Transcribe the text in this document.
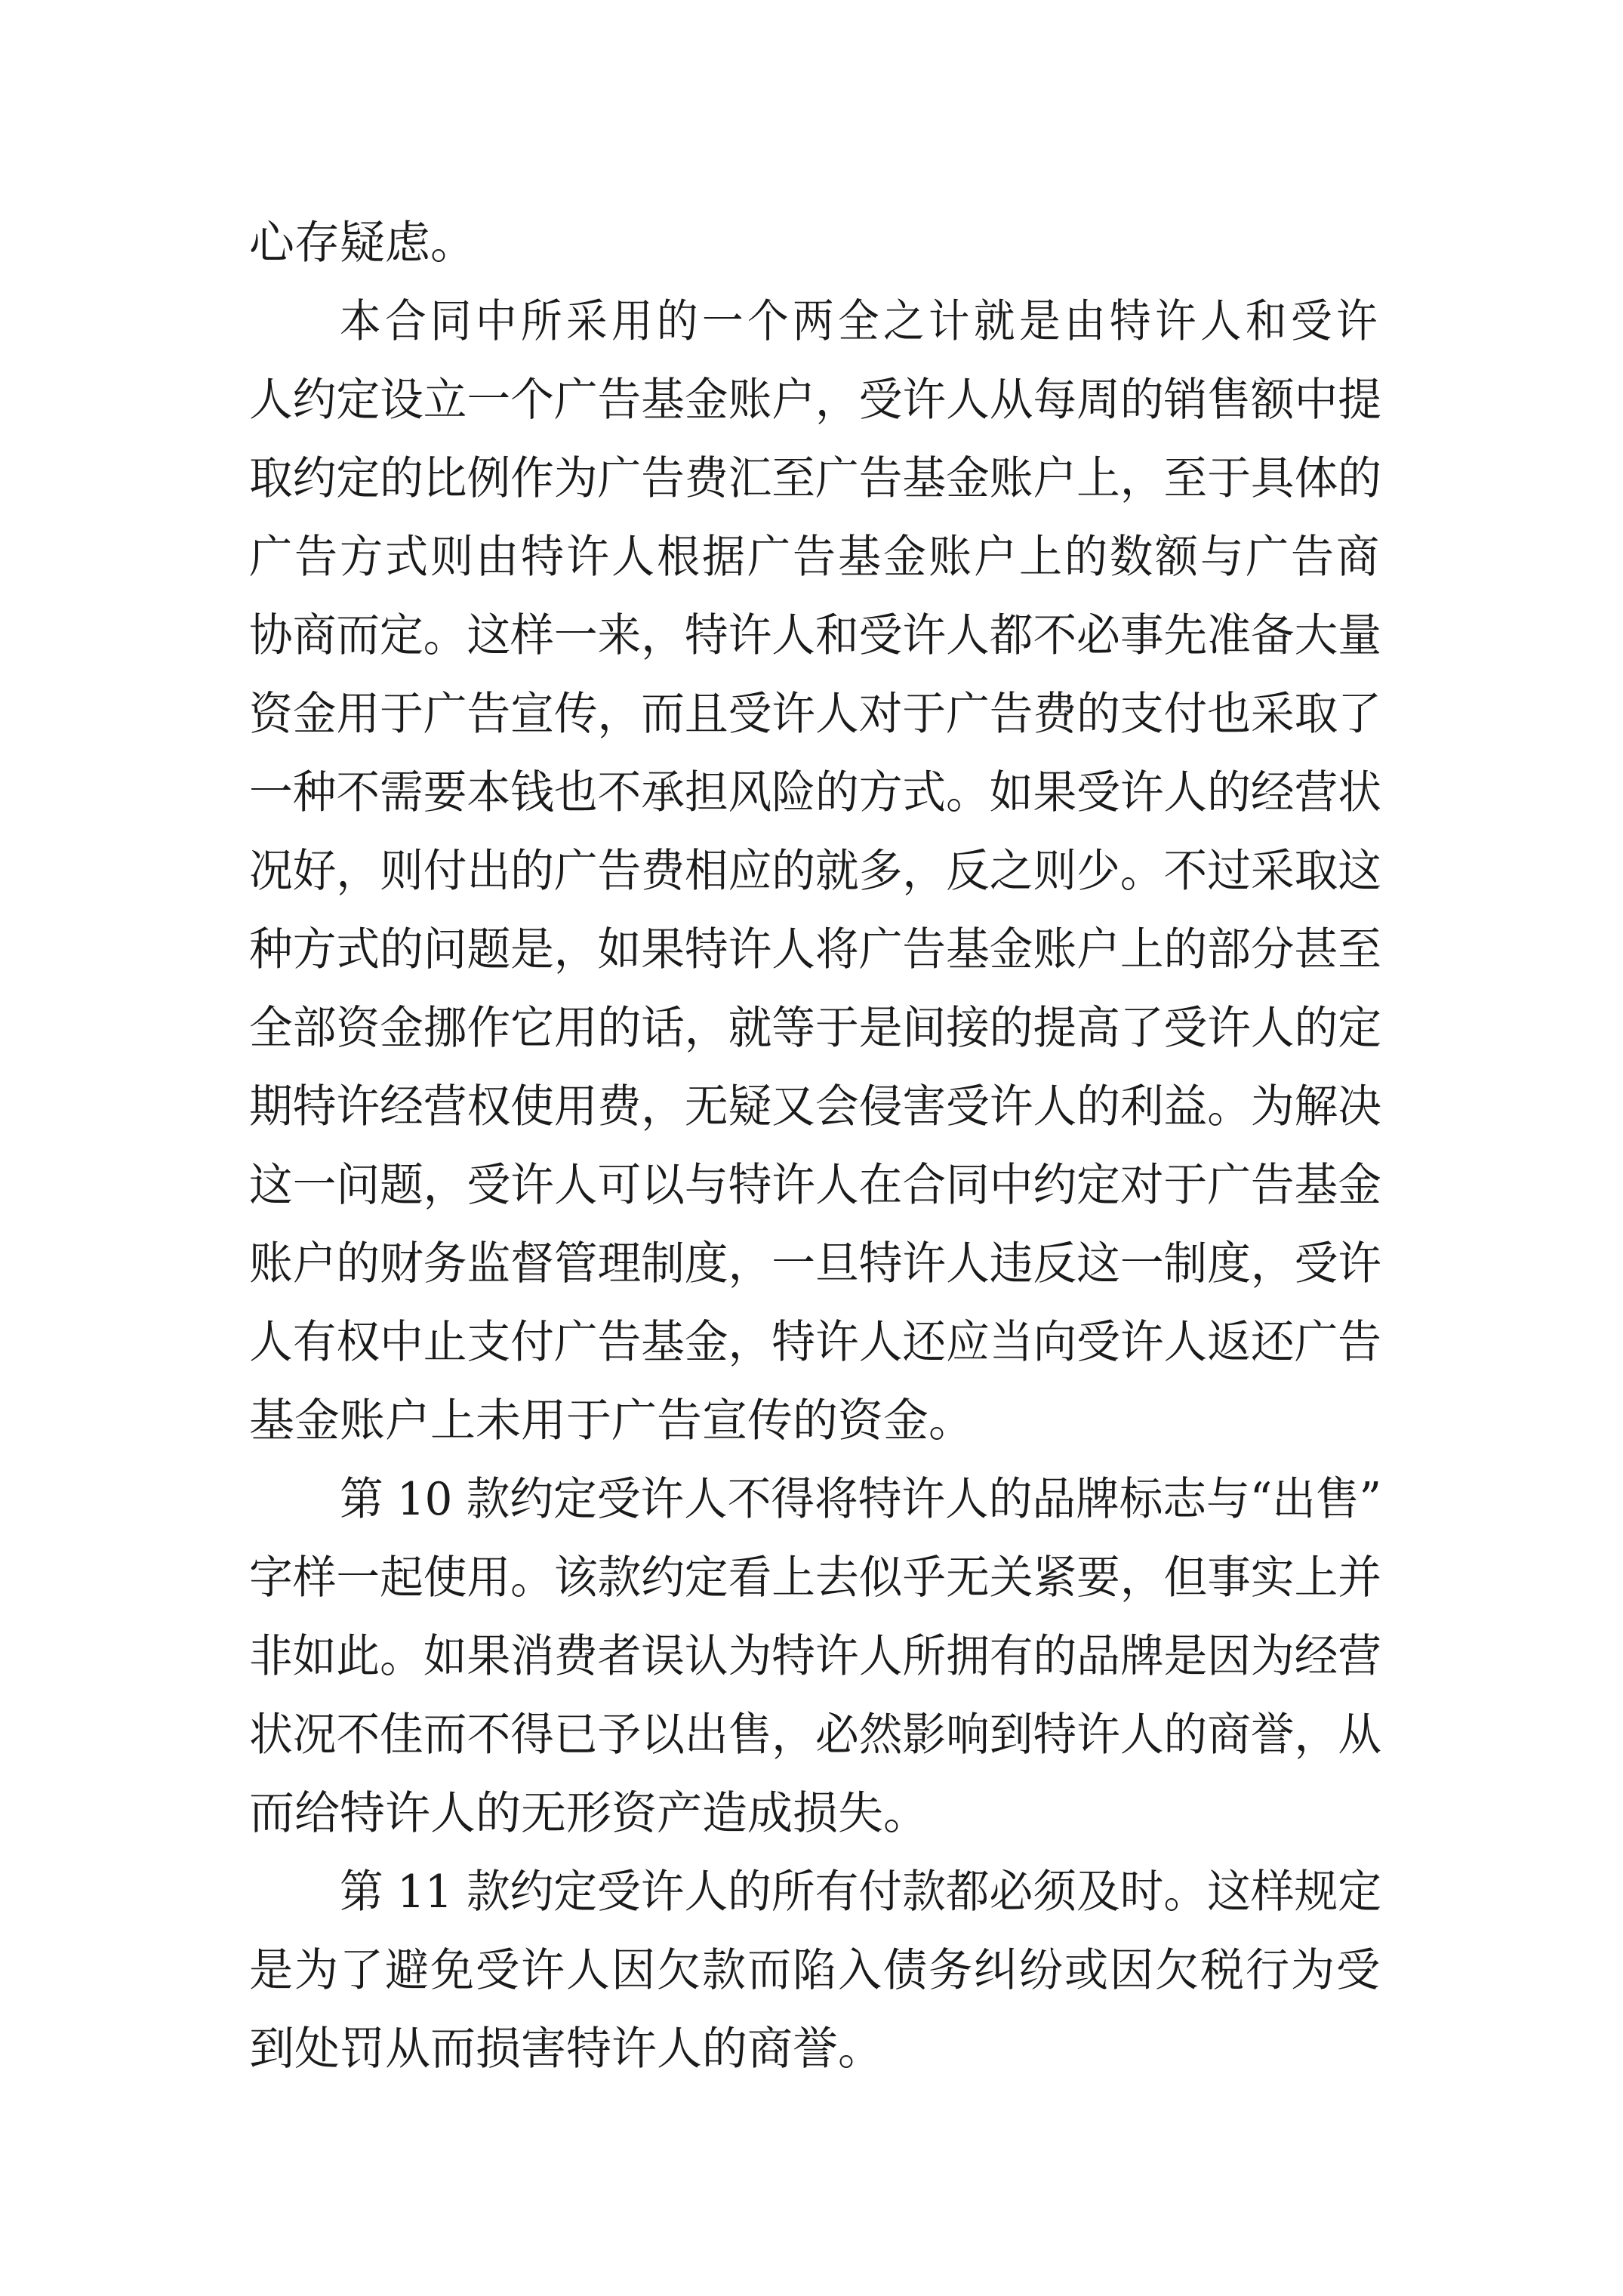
心存疑虑。
本合同中所采用的一个两全之计就是由特许人和受许
人约定设立一个广告基金账户，受许人从每周的销售额中提
取约定的比例作为广告费汇至广告基金账户上，至于具体的
广告方式则由特许人根据广告基金账户上的数额与广告商
协商而定。这样一来，特许人和受许人都不必事先准备大量
资金用于广告宣传，而且受许人对于广告费的支付也采取了
一种不需要本钱也不承担风险的方式。如果受许人的经营状
况好，则付出的广告费相应的就多，反之则少。不过采取这
种方式的问题是，如果特许人将广告基金账户上的部分甚至
全部资金挪作它用的话，就等于是间接的提高了受许人的定
期特许经营权使用费，无疑又会侵害受许人的利益。为解决
这一问题，受许人可以与特许人在合同中约定对于广告基金
账户的财务监督管理制度，一旦特许人违反这一制度，受许
人有权中止支付广告基金，特许人还应当向受许人返还广告
基金账户上未用于广告宣传的资金。
第 10 款约定受许人不得将特许人的品牌标志与“出售”
字样一起使用。该款约定看上去似乎无关紧要，但事实上并
非如此。如果消费者误认为特许人所拥有的品牌是因为经营
状况不佳而不得已予以出售，必然影响到特许人的商誉，从
而给特许人的无形资产造成损失。
第 11 款约定受许人的所有付款都必须及时。这样规定
是为了避免受许人因欠款而陷入债务纠纷或因欠税行为受
到处罚从而损害特许人的商誉。
